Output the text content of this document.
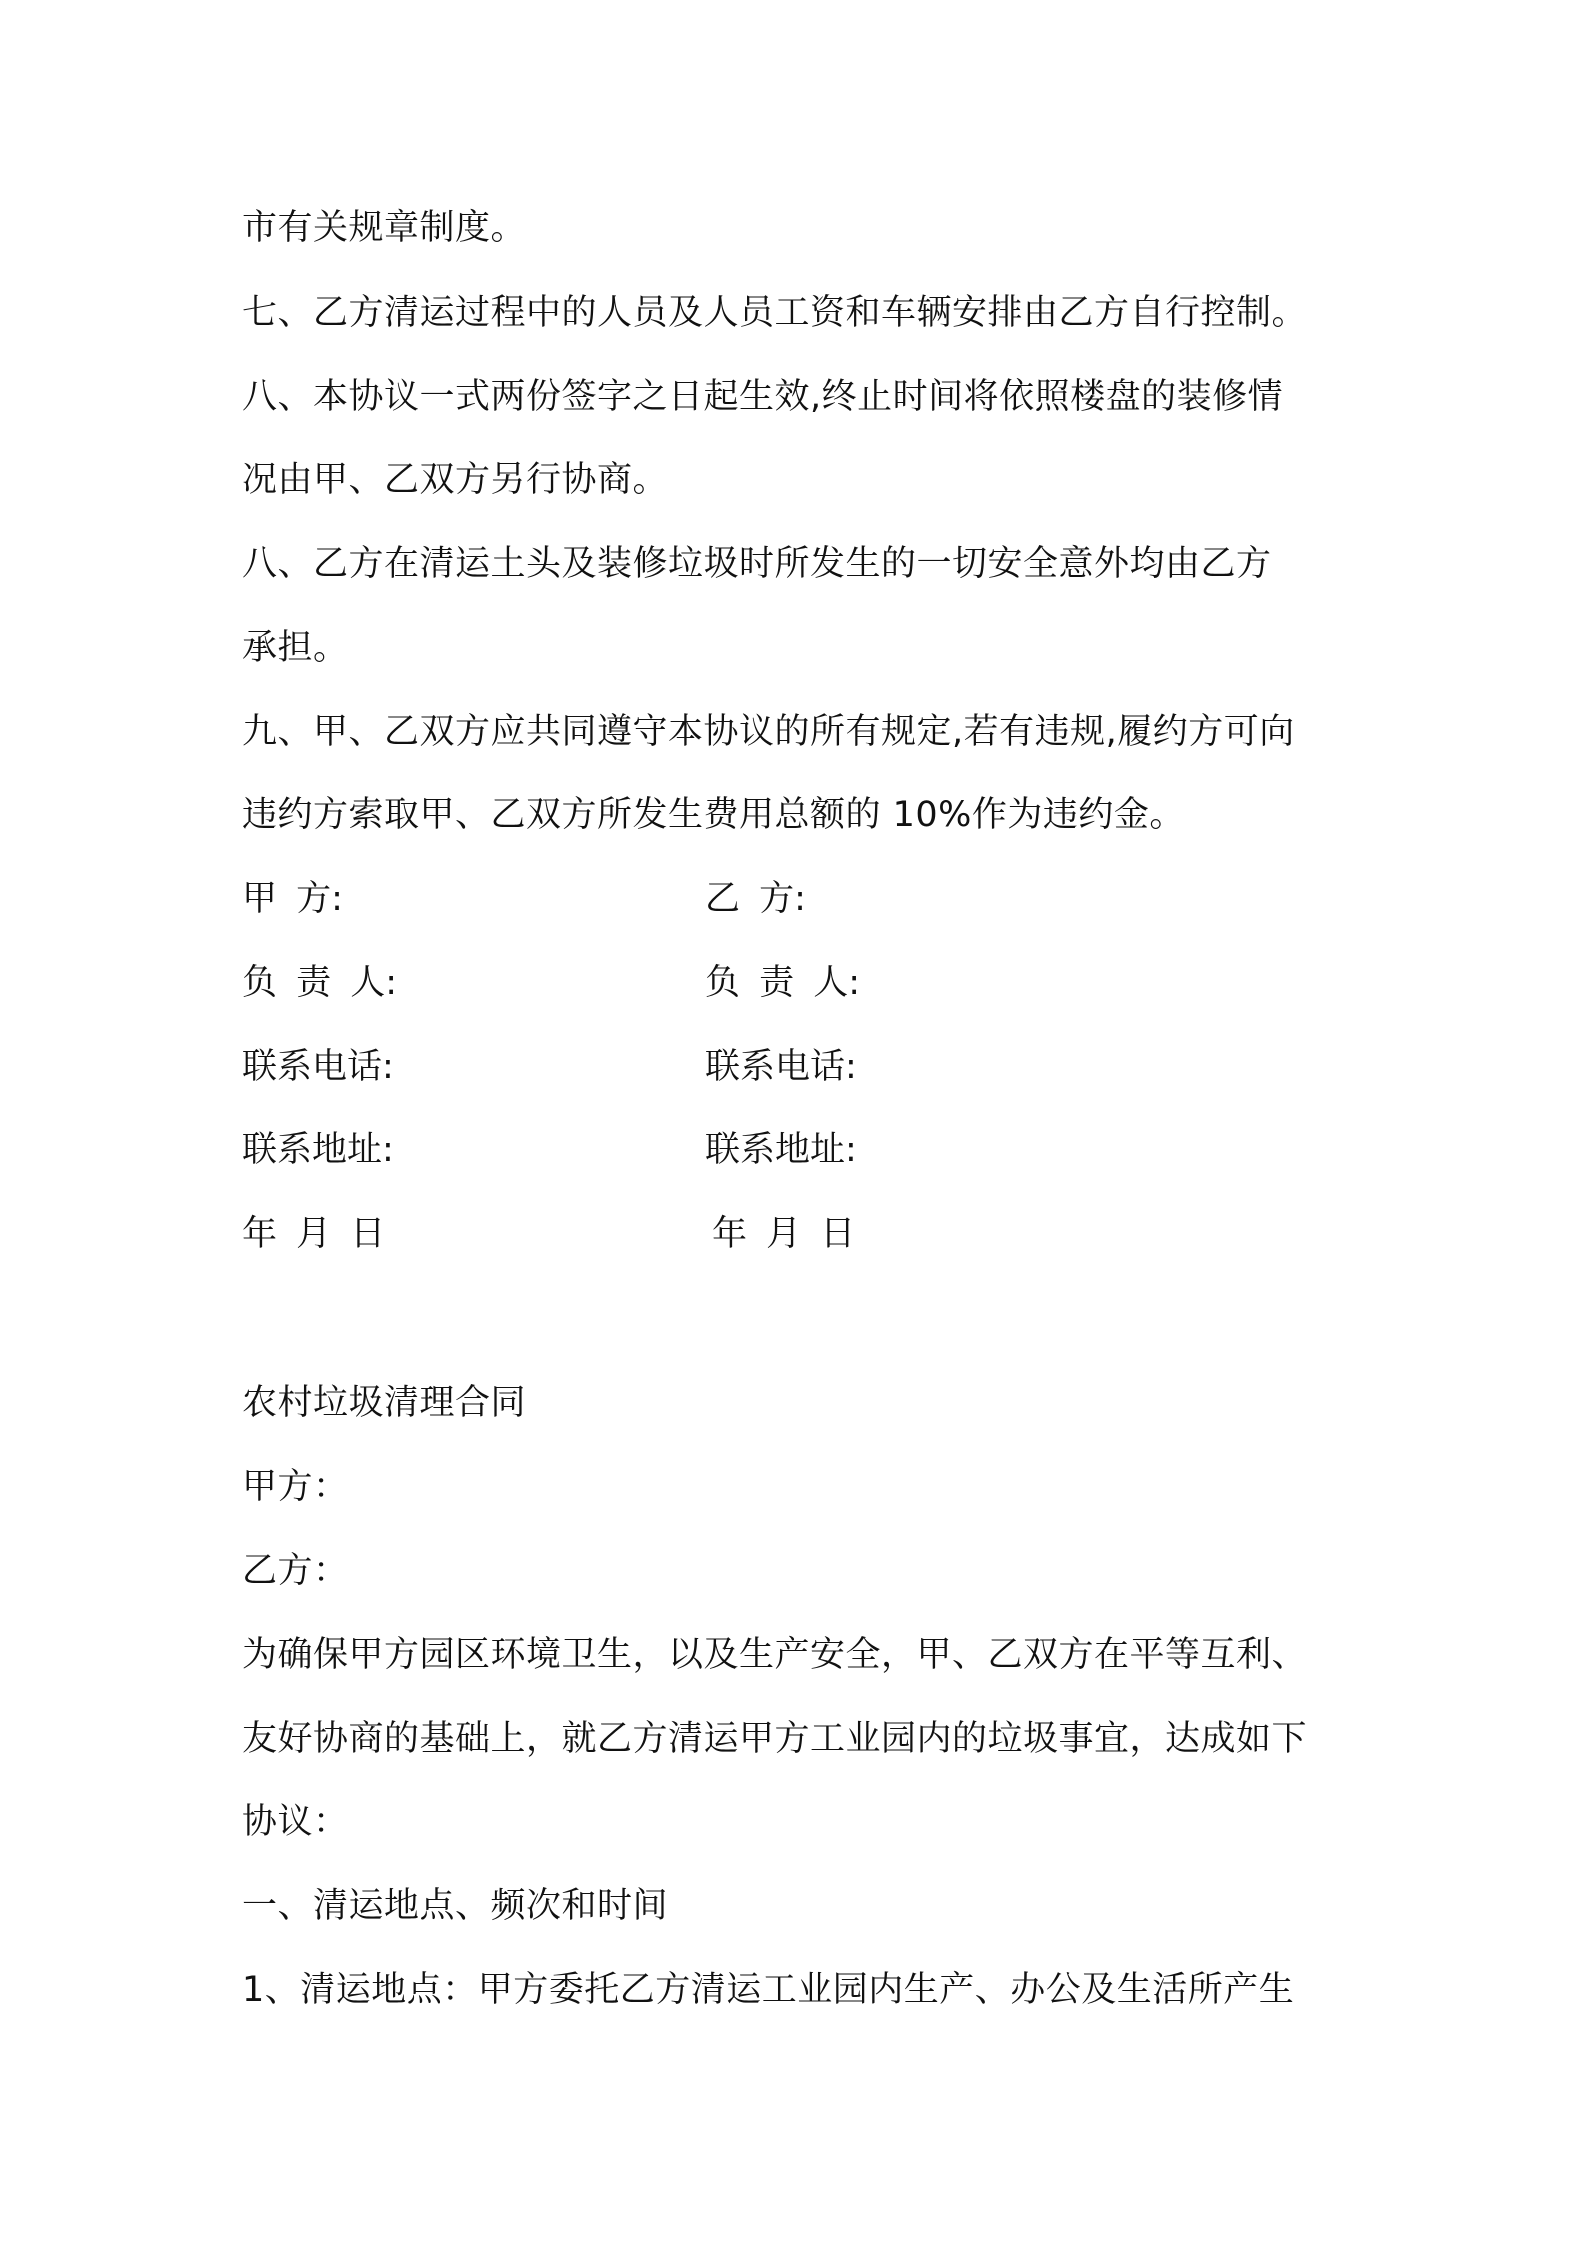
市有关规章制度。
七、乙方清运过程中的人员及人员工资和车辆安排由乙方自行控制。
八、本协议一式两份签字之日起生效,终止时间将依照楼盘的装修情
况由甲、乙双方另行协商。
八、乙方在清运土头及装修垃圾时所发生的一切安全意外均由乙方
承担。
九、甲、乙双方应共同遵守本协议的所有规定,若有违规,履约方可向
违约方索取甲、乙双方所发生费用总额的 10%作为违约金。
甲 方:	乙 方:
负 责 人:	负 责 人:
联系电话:	联系电话:
联系地址:	联系地址:
年 月 日	年 月 日
农村垃圾清理合同
甲方：
乙方：
为确保甲方园区环境卫生，以及生产安全，甲、乙双方在平等互利、
友好协商的基础上，就乙方清运甲方工业园内的垃圾事宜，达成如下
协议：
一、清运地点、频次和时间
1、清运地点：甲方委托乙方清运工业园内生产、办公及生活所产生
